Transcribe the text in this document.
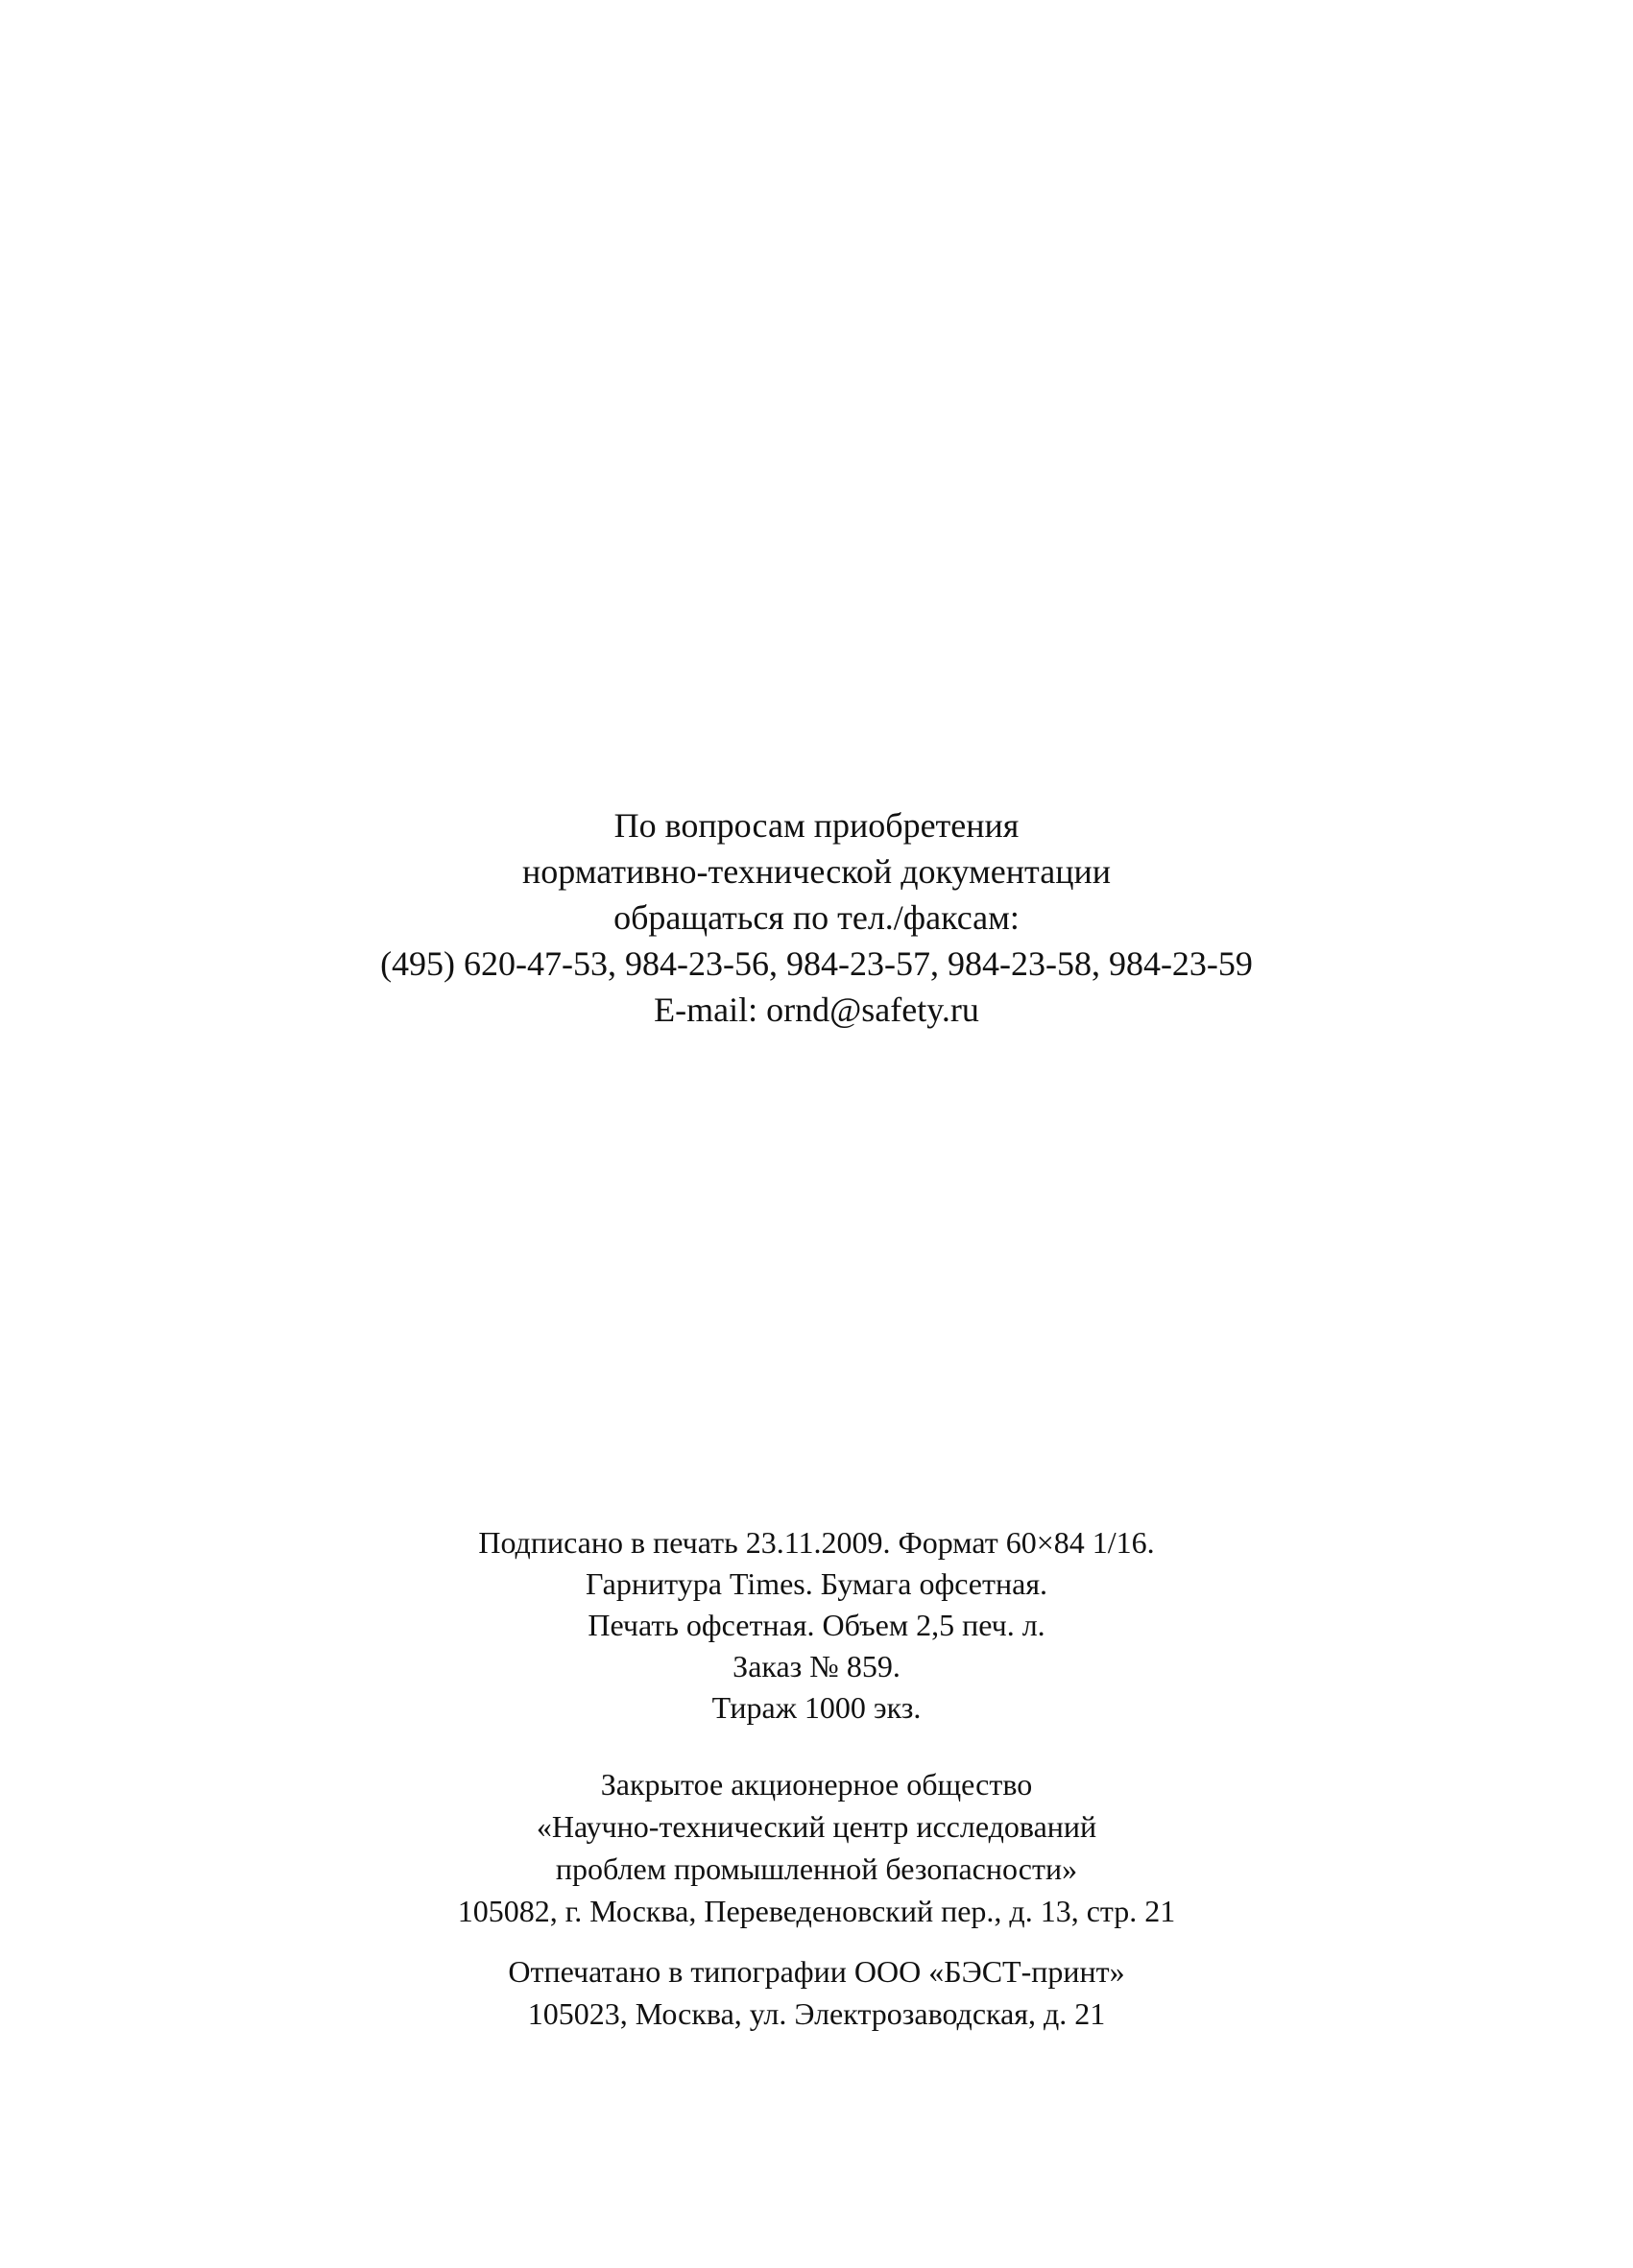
По вопросам приобретения
нормативно-технической документации
обращаться по тел./факсам:
(495) 620-47-53, 984-23-56, 984-23-57, 984-23-58, 984-23-59
E-mail: ornd@safety.ru
Подписано в печать 23.11.2009. Формат 60×84 1/16.
Гарнитура Times. Бумага офсетная.
Печать офсетная. Объем 2,5 печ. л.
Заказ № 859.
Тираж 1000 экз.
Закрытое акционерное общество
«Научно-технический центр исследований
проблем промышленной безопасности»
105082, г. Москва, Переведеновский пер., д. 13, стр. 21
Отпечатано в типографии ООО «БЭСТ-принт»
105023, Москва, ул. Электрозаводская, д. 21
